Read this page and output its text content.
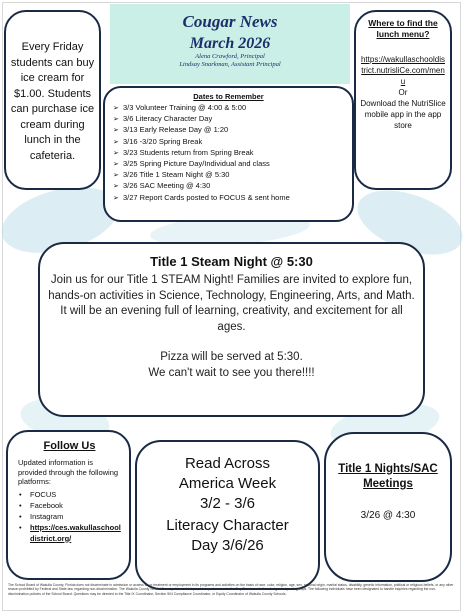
Cougar News
March 2026
Alena Crawford, Principal
Lindsay Snarkman, Assistant Principal
Every Friday students can buy ice cream for $1.00. Students can purchase ice cream during lunch in the cafeteria.
Where to find the lunch menu?
https://wakullaschooldistrict.nutrisliCe.com/menu
Or
Download the NutriSlice mobile app in the app store
Dates to Remember
➢ 3/3 Volunteer Training @ 4:00 & 5:00
➢ 3/6 Literacy Character Day
➢ 3/13 Early Release Day @ 1:20
➢ 3/16 -3/20 Spring Break
➢ 3/23 Students return from Spring Break
➢ 3/25 Spring Picture Day/Individual and class
➢ 3/26 Title 1 Steam Night @ 5:30
➢ 3/26 SAC Meeting @ 4:30
➢ 3/27 Report Cards posted to FOCUS & sent home
Title 1 Steam Night @ 5:30
Join us for our Title 1 STEAM Night! Families are invited to explore fun, hands-on activities in Science, Technology, Engineering, Arts, and Math. It will be an evening full of learning, creativity, and excitement for all ages.
Pizza will be served at 5:30.
We can't wait to see you there!!!!
Follow Us
Updated information is provided through the following platforms:
• FOCUS
• Facebook
• Instagram
• https://ces.wakullaschooldistrict.org/
Read Across
America Week
3/2 - 3/6
Literacy Character
Day 3/6/26
Title 1 Nights/SAC Meetings
3/26 @ 4:30
The School Board of Wakulla County, Florida does not discriminate in admission or access to, or treatment or employment in its programs and activities on the basis of race, color, religion, age, sex, national origin, marital status, disability, genetic information, political or religious beliefs, or any other reason prohibited by Federal and State law, regarding non-discrimination. The Wakulla County School Board policies which provide equal access to the Boy Scouts and other designated youth groups. The following individuals have been designated to handle inquiries regarding the non-discrimination policies of the School Board. Questions may be directed to the Title IX Coordinator, Section 504 Compliance Coordinator, or Equity Coordinator of Wakulla County Schools.
